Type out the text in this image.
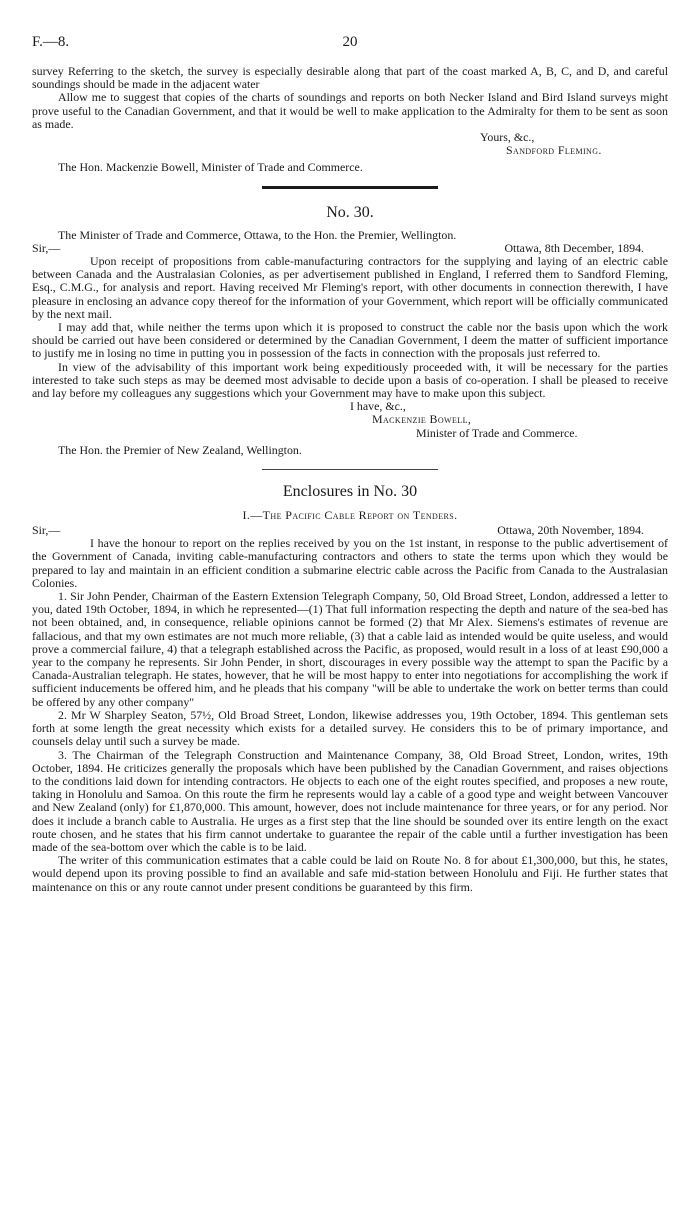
F.—8.	20

survey Referring to the sketch, the survey is especially desirable along that part of the coast marked A, B, C, and D, and careful soundings should be made in the adjacent water

Allow me to suggest that copies of the charts of soundings and reports on both Necker Island and Bird Island surveys might prove useful to the Canadian Government, and that it would be well to make application to the Admiralty for them to be sent as soon as made.

Yours, &c.,

Sandford Fleming.

The Hon. Mackenzie Bowell, Minister of Trade and Commerce.

No. 30.

The Minister of Trade and Commerce, Ottawa, to the Hon. the Premier, Wellington.

Sir,—	Ottawa, 8th December, 1894.

Upon receipt of propositions from cable-manufacturing contractors for the supplying and laying of an electric cable between Canada and the Australasian Colonies, as per advertisement published in England, I referred them to Sandford Fleming, Esq., C.M.G., for analysis and report. Having received Mr Fleming's report, with other documents in connection therewith, I have pleasure in enclosing an advance copy thereof for the information of your Government, which report will be officially communicated by the next mail.

I may add that, while neither the terms upon which it is proposed to construct the cable nor the basis upon which the work should be carried out have been considered or determined by the Canadian Government, I deem the matter of sufficient importance to justify me in losing no time in putting you in possession of the facts in connection with the proposals just referred to.

In view of the advisability of this important work being expeditiously proceeded with, it will be necessary for the parties interested to take such steps as may be deemed most advisable to decide upon a basis of co-operation. I shall be pleased to receive and lay before my colleagues any suggestions which your Government may have to make upon this subject.

I have, &c.,

Mackenzie Bowell,

Minister of Trade and Commerce.

The Hon. the Premier of New Zealand, Wellington.

Enclosures in No. 30
I.—The Pacific Cable Report on Tenders.
Sir,—	Ottawa, 20th November, 1894.

I have the honour to report on the replies received by you on the 1st instant, in response to the public advertisement of the Government of Canada, inviting cable-manufacturing contractors and others to state the terms upon which they would be prepared to lay and maintain in an efficient condition a submarine electric cable across the Pacific from Canada to the Australasian Colonies.

1. Sir John Pender, Chairman of the Eastern Extension Telegraph Company, 50, Old Broad Street, London, addressed a letter to you, dated 19th October, 1894, in which he represented—(1) That full information respecting the depth and nature of the sea-bed has not been obtained, and, in consequence, reliable opinions cannot be formed (2) that Mr Alex. Siemens's estimates of revenue are fallacious, and that my own estimates are not much more reliable, (3) that a cable laid as intended would be quite useless, and would prove a commercial failure, 4) that a telegraph established across the Pacific, as proposed, would result in a loss of at least £90,000 a year to the company he represents. Sir John Pender, in short, discourages in every possible way the attempt to span the Pacific by a Canada-Australian telegraph. He states, however, that he will be most happy to enter into negotiations for accomplishing the work if sufficient inducements be offered him, and he pleads that his company "will be able to undertake the work on better terms than could be offered by any other company"

2. Mr W Sharpley Seaton, 57½, Old Broad Street, London, likewise addresses you, 19th October, 1894. This gentleman sets forth at some length the great necessity which exists for a detailed survey. He considers this to be of primary importance, and counsels delay until such a survey be made.

3. The Chairman of the Telegraph Construction and Maintenance Company, 38, Old Broad Street, London, writes, 19th October, 1894. He criticizes generally the proposals which have been published by the Canadian Government, and raises objections to the conditions laid down for intending contractors. He objects to each one of the eight routes specified, and proposes a new route, taking in Honolulu and Samoa. On this route the firm he represents would lay a cable of a good type and weight between Vancouver and New Zealand (only) for £1,870,000. This amount, however, does not include maintenance for three years, or for any period. Nor does it include a branch cable to Australia. He urges as a first step that the line should be sounded over its entire length on the exact route chosen, and he states that his firm cannot undertake to guarantee the repair of the cable until a further investigation has been made of the sea-bottom over which the cable is to be laid.

The writer of this communication estimates that a cable could be laid on Route No. 8 for about £1,300,000, but this, he states, would depend upon its proving possible to find an available and safe mid-station between Honolulu and Fiji. He further states that maintenance on this or any route cannot under present conditions be guaranteed by this firm.
